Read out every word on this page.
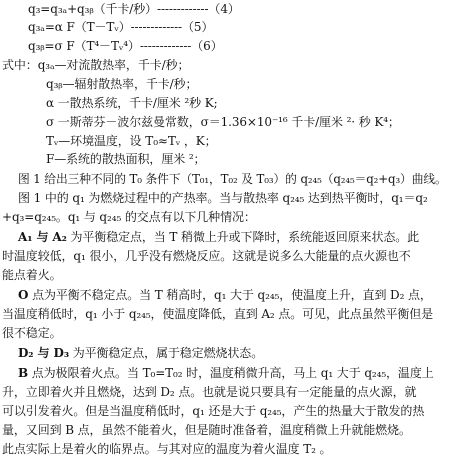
q₃=q₃ₐ+q₃ᵦ（千卡/秒）-------------（4）
q₃ₐ=α F（T－Tᵥ）-------------（5）
q₃ᵦ=σ F（T⁴－Tᵥ⁴）-------------（6）
式中：q₃ₐ—对流散热率，千卡/秒；
q₃ᵦ—辐射散热率，千卡/秒；
α 一散热系统，千卡/厘米 ²秒 K;
σ 一斯蒂芬－波尔兹曼常数，σ＝1.36×10⁻¹⁶ 千卡/厘米 ²· 秒 K⁴；
Tᵥ—环境温度，设 T₀≈Tᵥ ，K；
F—系统的散热面积，厘米 ²；
图 1 给出三种不同的 T₀ 条件下（T₀₁，T₀₂ 及 T₀₃）的 q₂₄₅（q₂₄₅＝q₂+q₃）曲线。
图 1 中的 q₁ 为燃烧过程中的产热率。当与散热率 q₂₄₅ 达到热平衡时，q₁＝q₂
+q₃=q₂₄₅。q₁ 与 q₂₄₅ 的交点有以下几种情况：
A₁ 与 A₂ 为平衡稳定点，当 T 稍微上升或下降时，系统能返回原来状态。此
时温度较低，q₁ 很小，几乎没有燃烧反应。这就是说多么大能量的点火源也不
能点着火。
O 点为平衡不稳定点。当 T 稍高时，q₁ 大于 q₂₄₅，使温度上升，直到 D₂ 点，
当温度稍低时，q₁ 小于 q₂₄₅，使温度降低，直到 A₂ 点。可见，此点虽然平衡但是
很不稳定。
D₂ 与 D₃ 为平衡稳定点，属于稳定燃烧状态。
B 点为极限着火点。当 T₀=T₀₂ 时，温度稍微升高，马上 q₁ 大于 q₂₄₅，温度上
升，立即着火并且燃烧，达到 D₂ 点。也就是说只要具有一定能量的点火源，就
可以引发着火。但是当温度稍低时，q₁ 还是大于 q₂₄₅，产生的热量大于散发的热
量，又回到 B 点，虽然不能着火，但是随时准备着，温度稍微上升就能燃烧。
此点实际上是着火的临界点。与其对应的温度为着火温度 T₂ 。
